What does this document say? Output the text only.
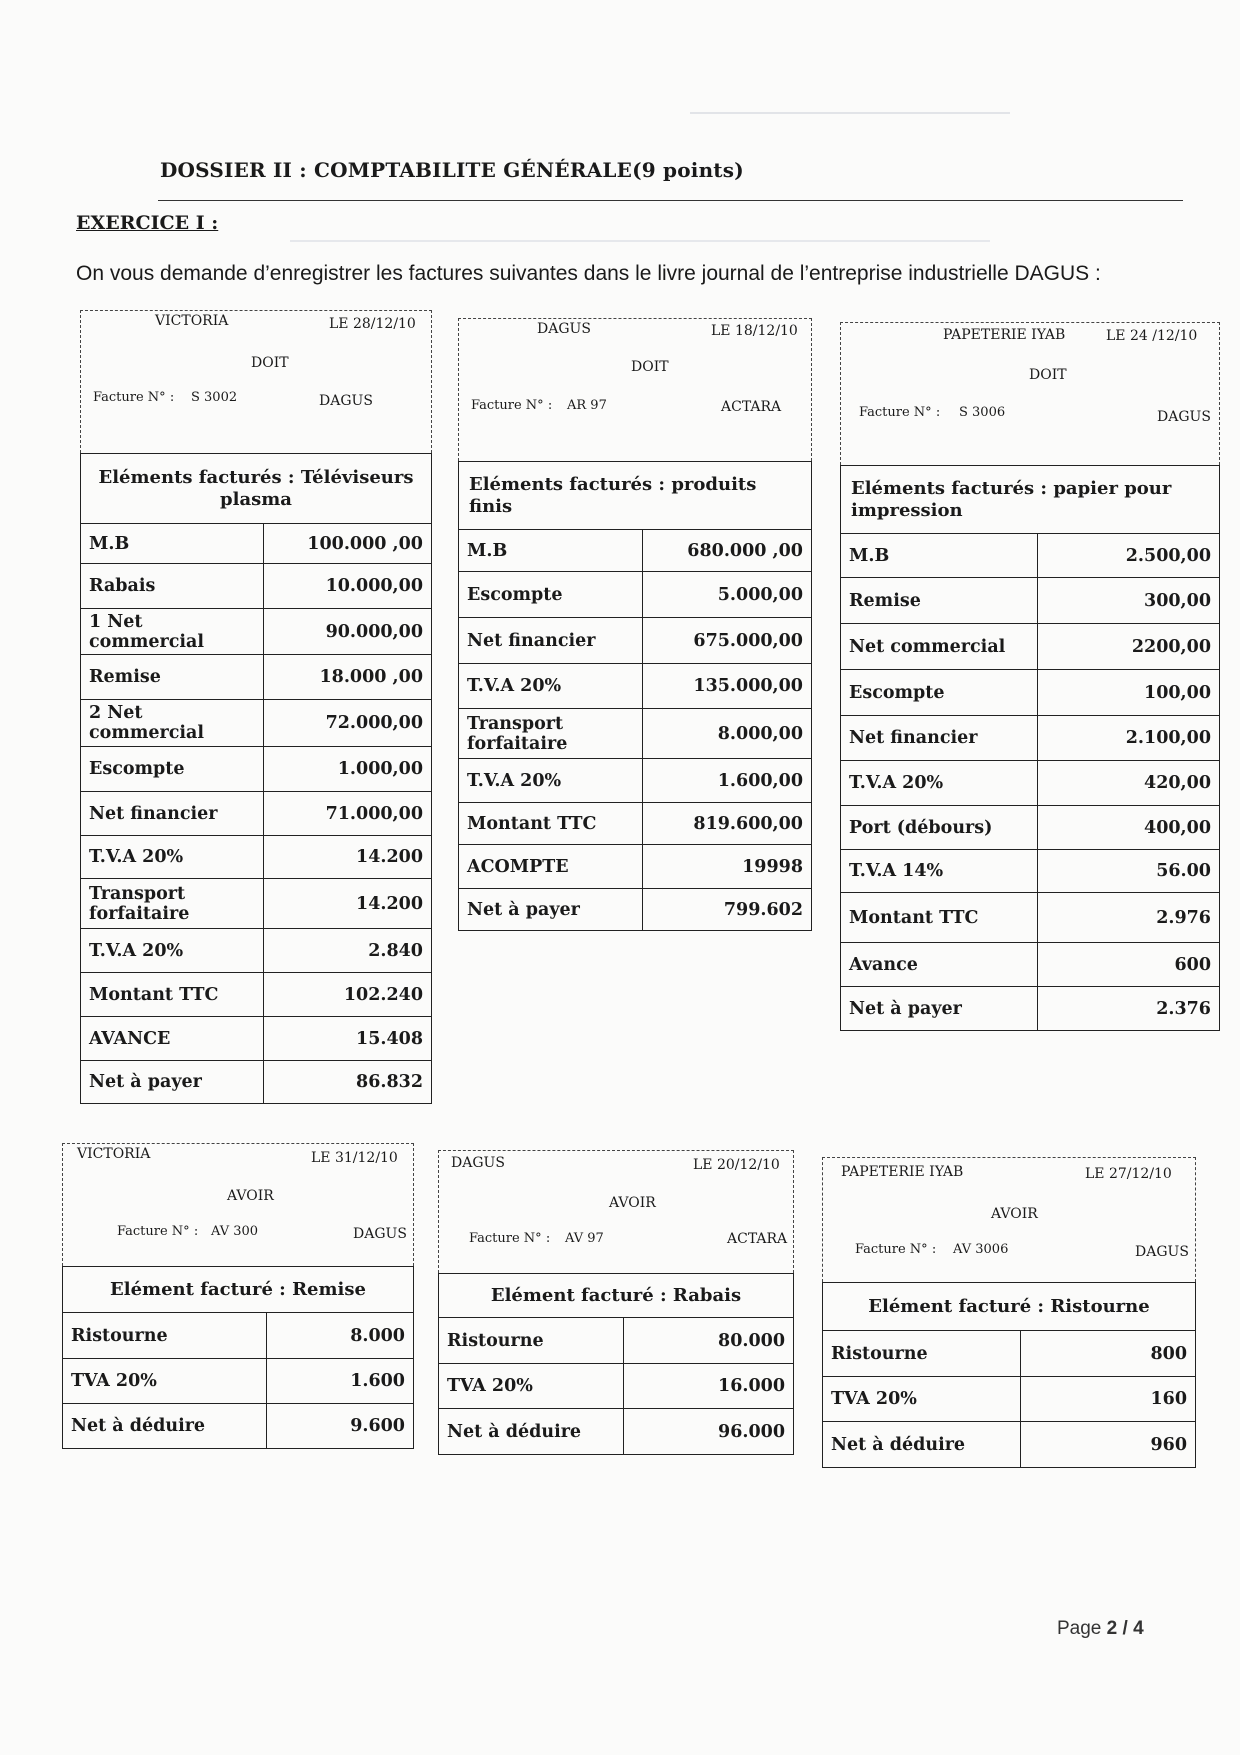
DOSSIER II : COMPTABILITE GÉNÉRALE(9 points)
EXERCICE I :
On vous demande d’enregistrer les factures suivantes dans le livre journal de l’entreprise industrielle DAGUS :
VICTORIA	LE 28/12/10
DOIT
Facture N° : S 3002	DAGUS
Eléments facturés : Téléviseurs plasma
M.B	100.000 ,00
Rabais	10.000,00
1 Net commercial	90.000,00
Remise	18.000 ,00
2 Net commercial	72.000,00
Escompte	1.000,00
Net financier	71.000,00
T.V.A 20%	14.200
Transport forfaitaire	14.200
T.V.A 20%	2.840
Montant TTC	102.240
AVANCE	15.408
Net à payer	86.832
DAGUS	LE 18/12/10
DOIT
Facture N° : AR 97	ACTARA
Eléments facturés : produits finis
M.B	680.000 ,00
Escompte	5.000,00
Net financier	675.000,00
T.V.A 20%	135.000,00
Transport forfaitaire	8.000,00
T.V.A 20%	1.600,00
Montant TTC	819.600,00
ACOMPTE	19998
Net à payer	799.602
PAPETERIE IYAB	LE 24 /12/10
DOIT
Facture N° : S 3006	DAGUS
Eléments facturés : papier pour impression
M.B	2.500,00
Remise	300,00
Net commercial	2200,00
Escompte	100,00
Net financier	2.100,00
T.V.A 20%	420,00
Port (débours)	400,00
T.V.A 14%	56.00
Montant TTC	2.976
Avance	600
Net à payer	2.376
VICTORIA	LE 31/12/10
AVOIR
Facture N° : AV 300	DAGUS
Elément facturé : Remise
Ristourne	8.000
TVA 20%	1.600
Net à déduire	9.600
DAGUS	LE 20/12/10
AVOIR
Facture N° : AV 97	ACTARA
Elément facturé : Rabais
Ristourne	80.000
TVA 20%	16.000
Net à déduire	96.000
PAPETERIE IYAB	LE 27/12/10
AVOIR
Facture N° : AV 3006	DAGUS
Elément facturé : Ristourne
Ristourne	800
TVA 20%	160
Net à déduire	960
Page 2 / 4
